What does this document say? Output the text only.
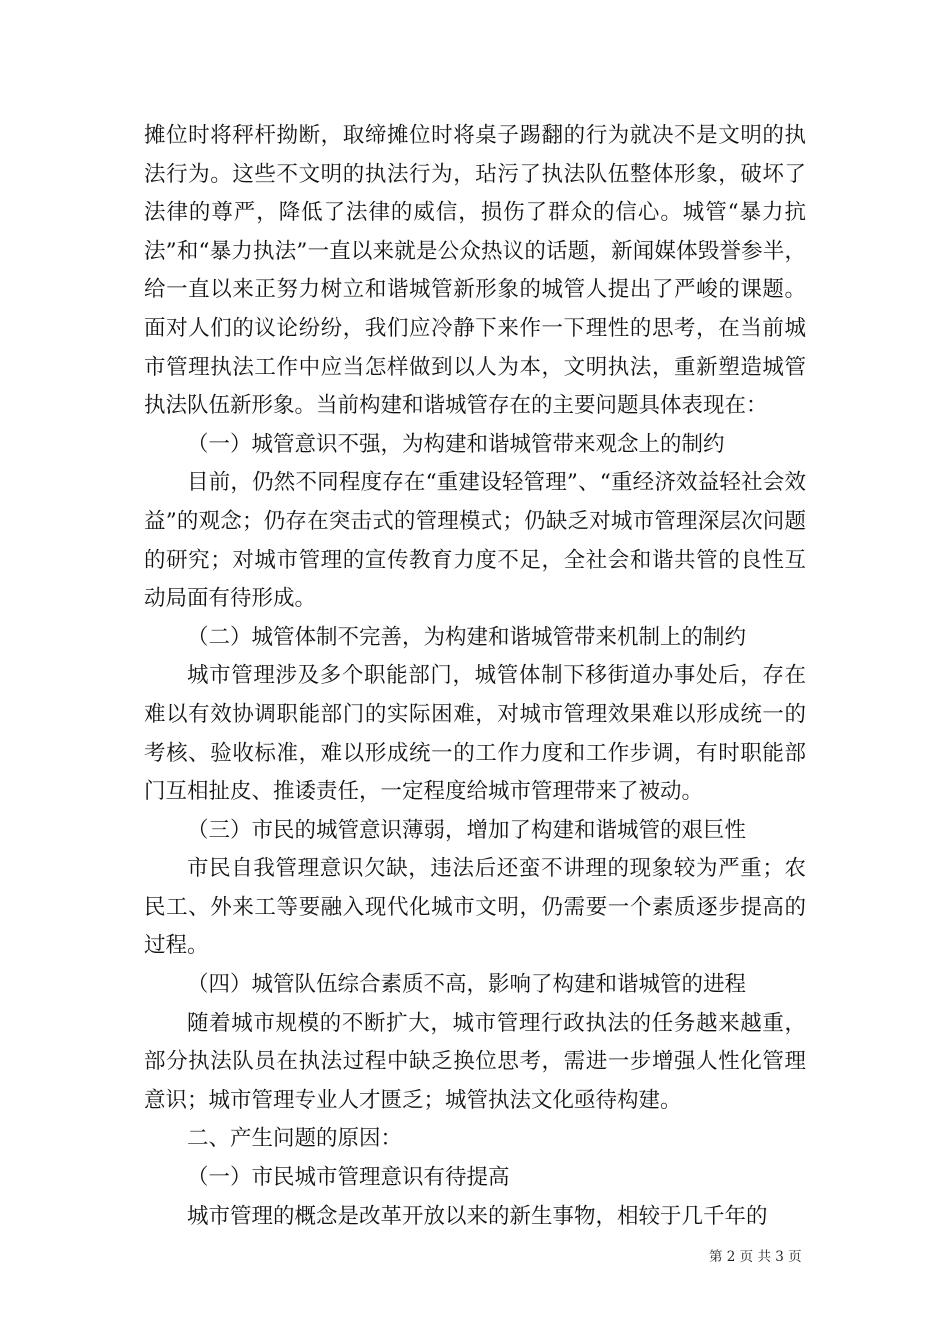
摊位时将秤杆拗断，取缔摊位时将桌子踢翻的行为就决不是文明的执法行为。这些不文明的执法行为，玷污了执法队伍整体形象，破坏了法律的尊严，降低了法律的威信，损伤了群众的信心。城管“暴力抗法”和“暴力执法”一直以来就是公众热议的话题，新闻媒体毁誉参半，给一直以来正努力树立和谐城管新形象的城管人提出了严峻的课题。面对人们的议论纷纷，我们应冷静下来作一下理性的思考，在当前城市管理执法工作中应当怎样做到以人为本，文明执法，重新塑造城管执法队伍新形象。当前构建和谐城管存在的主要问题具体表现在：

（一）城管意识不强，为构建和谐城管带来观念上的制约

目前，仍然不同程度存在“重建设轻管理”、“重经济效益轻社会效益”的观念；仍存在突击式的管理模式；仍缺乏对城市管理深层次问题的研究；对城市管理的宣传教育力度不足，全社会和谐共管的良性互动局面有待形成。

（二）城管体制不完善，为构建和谐城管带来机制上的制约

城市管理涉及多个职能部门，城管体制下移街道办事处后，存在难以有效协调职能部门的实际困难，对城市管理效果难以形成统一的考核、验收标准，难以形成统一的工作力度和工作步调，有时职能部门互相扯皮、推诿责任，一定程度给城市管理带来了被动。

（三）市民的城管意识薄弱，增加了构建和谐城管的艰巨性

市民自我管理意识欠缺，违法后还蛮不讲理的现象较为严重；农民工、外来工等要融入现代化城市文明，仍需要一个素质逐步提高的过程。

（四）城管队伍综合素质不高，影响了构建和谐城管的进程

随着城市规模的不断扩大，城市管理行政执法的任务越来越重，部分执法队员在执法过程中缺乏换位思考，需进一步增强人性化管理意识；城市管理专业人才匮乏；城管执法文化亟待构建。

二、产生问题的原因：

（一）市民城市管理意识有待提高

城市管理的概念是改革开放以来的新生事物，相较于几千年的

第 2 页 共 3 页
